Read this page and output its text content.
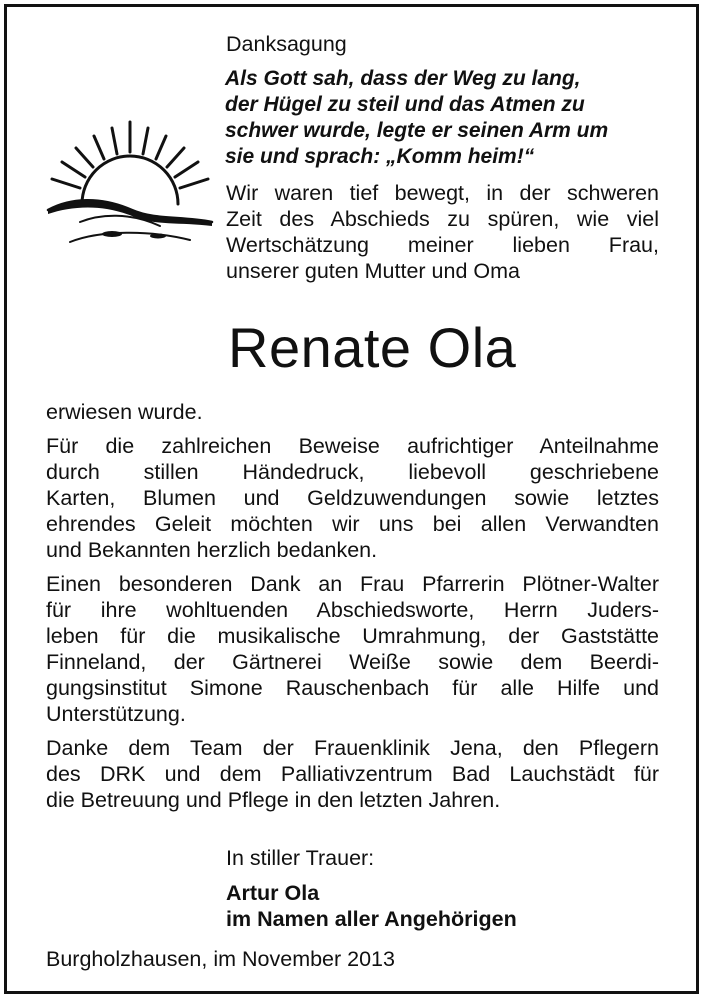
Danksagung
Als Gott sah, dass der Weg zu lang,
der Hügel zu steil und das Atmen zu
schwer wurde, legte er seinen Arm um
sie und sprach: „Komm heim!“
Wir waren tief bewegt, in der schweren
Zeit des Abschieds zu spüren, wie viel
Wertschätzung meiner lieben Frau,
unserer guten Mutter und Oma
Renate Ola
erwiesen wurde.
Für die zahlreichen Beweise aufrichtiger Anteilnahme
durch stillen Händedruck, liebevoll geschriebene
Karten, Blumen und Geldzuwendungen sowie letztes
ehrendes Geleit möchten wir uns bei allen Verwandten
und Bekannten herzlich bedanken.
Einen besonderen Dank an Frau Pfarrerin Plötner-Walter
für ihre wohltuenden Abschiedsworte, Herrn Juders-
leben für die musikalische Umrahmung, der Gaststätte
Finneland, der Gärtnerei Weiße sowie dem Beerdi-
gungsinstitut Simone Rauschenbach für alle Hilfe und
Unterstützung.
Danke dem Team der Frauenklinik Jena, den Pflegern
des DRK und dem Palliativzentrum Bad Lauchstädt für
die Betreuung und Pflege in den letzten Jahren.
In stiller Trauer:
Artur Ola
im Namen aller Angehörigen
Burgholzhausen, im November 2013
